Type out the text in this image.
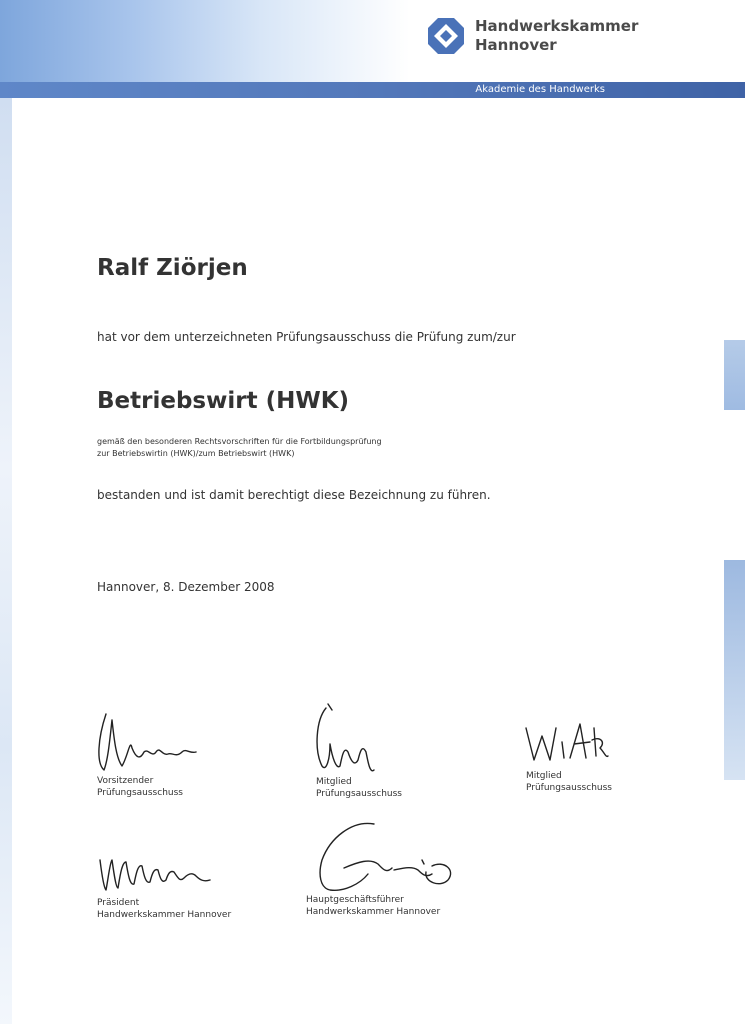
Handwerkskammer
Hannover
Akademie des Handwerks
Ralf Ziörjen
hat vor dem unterzeichneten Prüfungsausschuss die Prüfung zum/zur
Betriebswirt (HWK)
gemäß den besonderen Rechtsvorschriften für die Fortbildungsprüfung
zur Betriebswirtin (HWK)/zum Betriebswirt (HWK)
bestanden und ist damit berechtigt diese Bezeichnung zu führen.
Hannover, 8. Dezember 2008
Vorsitzender
Prüfungsausschuss
Mitglied
Prüfungsausschuss
Mitglied
Prüfungsausschuss
Präsident
Handwerkskammer Hannover
Hauptgeschäftsführer
Handwerkskammer Hannover
